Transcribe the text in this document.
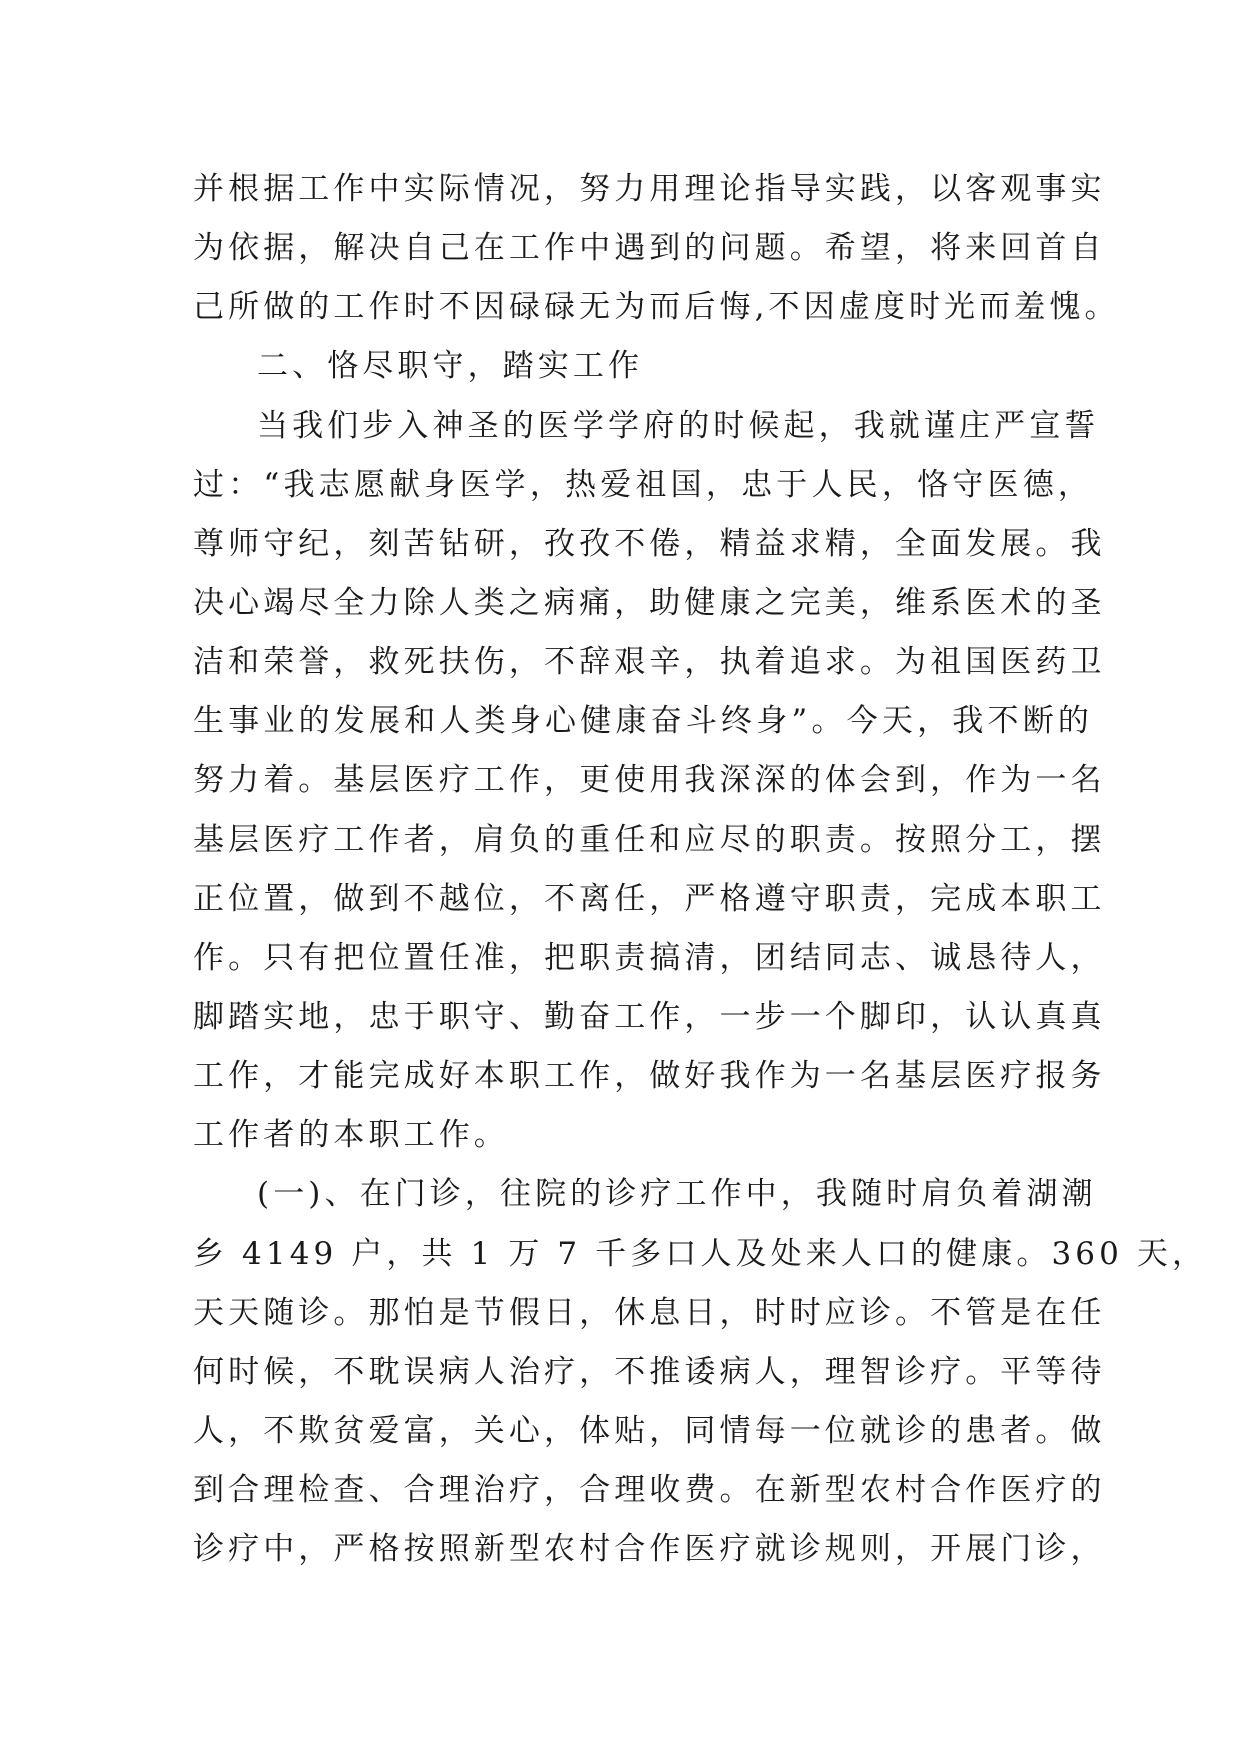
并根据工作中实际情况，努力用理论指导实践，以客观事实
为依据，解决自己在工作中遇到的问题。希望，将来回首自
己所做的工作时不因碌碌无为而后悔,不因虚度时光而羞愧。
二、恪尽职守，踏实工作
当我们步入神圣的医学学府的时候起，我就谨庄严宣誓
过：“我志愿献身医学，热爱祖国，忠于人民，恪守医德，
尊师守纪，刻苦钻研，孜孜不倦，精益求精，全面发展。我
决心竭尽全力除人类之病痛，助健康之完美，维系医术的圣
洁和荣誉，救死扶伤，不辞艰辛，执着追求。为祖国医药卫
生事业的发展和人类身心健康奋斗终身”。今天，我不断的
努力着。基层医疗工作，更使用我深深的体会到，作为一名
基层医疗工作者，肩负的重任和应尽的职责。按照分工，摆
正位置，做到不越位，不离任，严格遵守职责，完成本职工
作。只有把位置任准，把职责搞清，团结同志、诚恳待人，
脚踏实地，忠于职守、勤奋工作，一步一个脚印，认认真真
工作，才能完成好本职工作，做好我作为一名基层医疗报务
工作者的本职工作。
(一)、在门诊，往院的诊疗工作中，我随时肩负着湖潮
乡 4149 户，共 1 万 7 千多口人及处来人口的健康。360 天，
天天随诊。那怕是节假日，休息日，时时应诊。不管是在任
何时候，不耽误病人治疗，不推诿病人，理智诊疗。平等待
人，不欺贫爱富，关心，体贴，同情每一位就诊的患者。做
到合理检查、合理治疗，合理收费。在新型农村合作医疗的
诊疗中，严格按照新型农村合作医疗就诊规则，开展门诊，
